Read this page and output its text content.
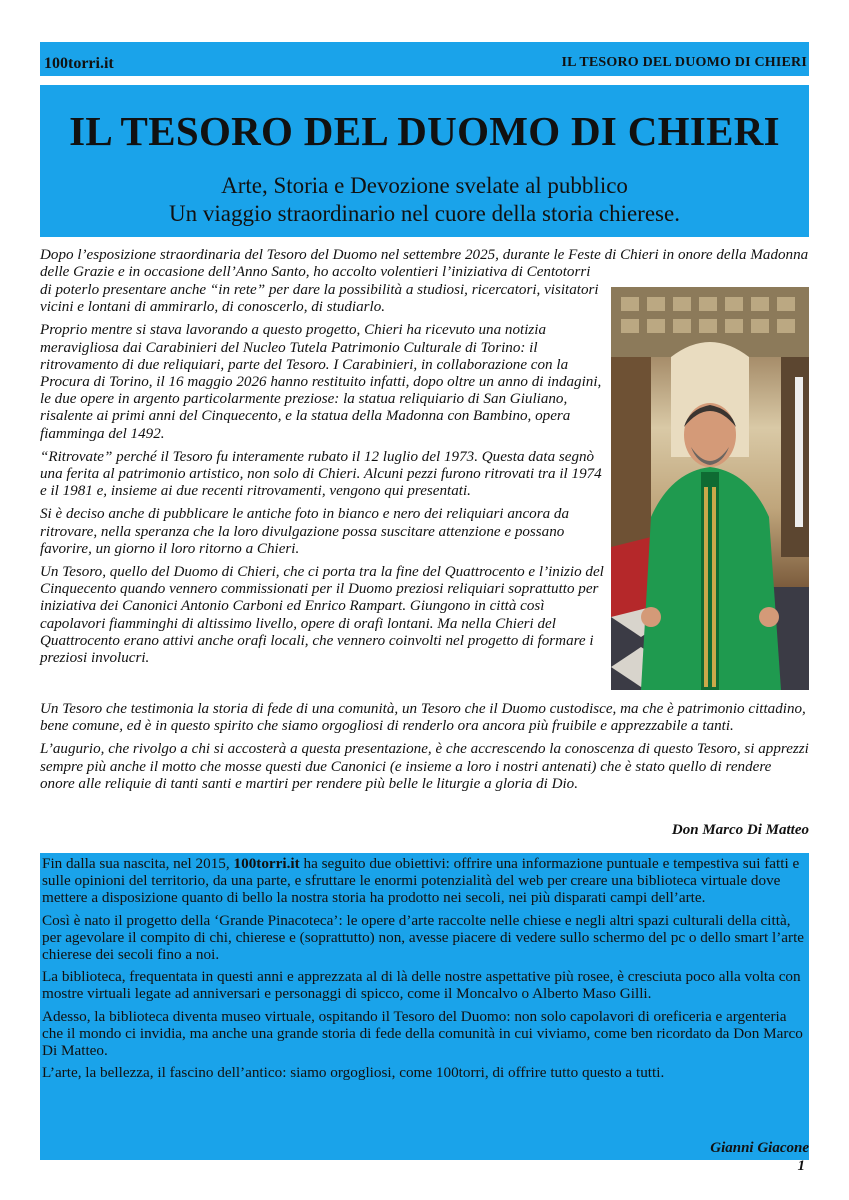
100torri.it	IL TESORO DEL DUOMO DI CHIERI
IL TESORO DEL DUOMO DI CHIERI
Arte, Storia e Devozione svelate al pubblico
Un viaggio straordinario nel cuore della storia chierese.

Dopo l’esposizione straordinaria del Tesoro del Duomo nel settembre 2025, durante le Feste di Chieri in onore della Madonna delle Grazie e in occasione dell’Anno Santo, ho accolto volentieri l’iniziativa di Centotorri

di poterlo presentare anche “in rete” per dare la possibilità a studiosi, ricercatori, visitatori vicini e lontani di ammirarlo, di conoscerlo, di studiarlo.

Proprio mentre si stava lavorando a questo progetto, Chieri ha ricevuto una notizia meravigliosa dai Carabinieri del Nucleo Tutela Patrimonio Culturale di Torino: il ritrovamento di due reliquiari, parte del Tesoro. I Carabinieri, in collaborazione con la Procura di Torino, il 16 maggio 2026 hanno restituito infatti, dopo oltre un anno di indagini, le due opere in argento particolarmente preziose: la statua reliquiario di San Giuliano, risalente ai primi anni del Cinquecento, e la statua della Madonna con Bambino, opera fiamminga del 1492.

“Ritrovate” perché il Tesoro fu interamente rubato il 12 luglio del 1973. Questa data segnò una ferita al patrimonio artistico, non solo di Chieri. Alcuni pezzi furono ritrovati tra il 1974 e il 1981 e, insieme ai due recenti ritrovamenti, vengono qui presentati.

Si è deciso anche di pubblicare le antiche foto in bianco e nero dei reliquiari ancora da ritrovare, nella speranza che la loro divulgazione possa suscitare attenzione e possano favorire, un giorno il loro ritorno a Chieri.

Un Tesoro, quello del Duomo di Chieri, che ci porta tra la fine del Quattrocento e l’inizio del Cinquecento quando vennero commissionati per il Duomo preziosi reliquiari soprattutto per iniziativa dei Canonici Antonio Carboni ed Enrico Rampart. Giungono in città così capolavori fiamminghi di altissimo livello, opere di orafi lontani. Ma nella Chieri del Quattrocento erano attivi anche orafi locali, che vennero coinvolti nel progetto di formare i preziosi involucri.

Un Tesoro che testimonia la storia di fede di una comunità, un Tesoro che il Duomo custodisce, ma che è patrimonio cittadino, bene comune, ed è in questo spirito che siamo orgogliosi di renderlo ora ancora più fruibile e apprezzabile a tanti.

L’augurio, che rivolgo a chi si accosterà a questa presentazione, è che accrescendo la conoscenza di questo Tesoro, si apprezzi sempre più anche il motto che mosse questi due Canonici (e insieme a loro i nostri antenati) che è stato quello di rendere onore alle reliquie di tanti santi e martiri per rendere più belle le liturgie a gloria di Dio.

Don Marco Di Matteo

Fin dalla sua nascita, nel 2015, 100torri.it ha seguito due obiettivi: offrire una informazione puntuale e tempestiva sui fatti e sulle opinioni del territorio, da una parte, e sfruttare le enormi potenzialità del web per creare una biblioteca virtuale dove mettere a disposizione quanto di bello la nostra storia ha prodotto nei secoli, nei più disparati campi dell’arte.

Così è nato il progetto della ‘Grande Pinacoteca’: le opere d’arte raccolte nelle chiese e negli altri spazi culturali della città, per agevolare il compito di chi, chierese e (soprattutto) non, avesse piacere di vedere sullo schermo del pc o dello smart l’arte chierese dei secoli fino a noi.

La biblioteca, frequentata in questi anni e apprezzata al di là delle nostre aspettative più rosee, è cresciuta poco alla volta con mostre virtuali legate ad anniversari e personaggi di spicco, come il Moncalvo o Alberto Maso Gilli.

Adesso, la biblioteca diventa museo virtuale, ospitando il Tesoro del Duomo: non solo capolavori di oreficeria e argenteria che il mondo ci invidia, ma anche una grande storia di fede della comunità in cui viviamo, come ben ricordato da Don Marco Di Matteo.

L’arte, la bellezza, il fascino dell’antico: siamo orgogliosi, come 100torri, di offrire tutto questo a tutti.

Gianni Giacone
1
